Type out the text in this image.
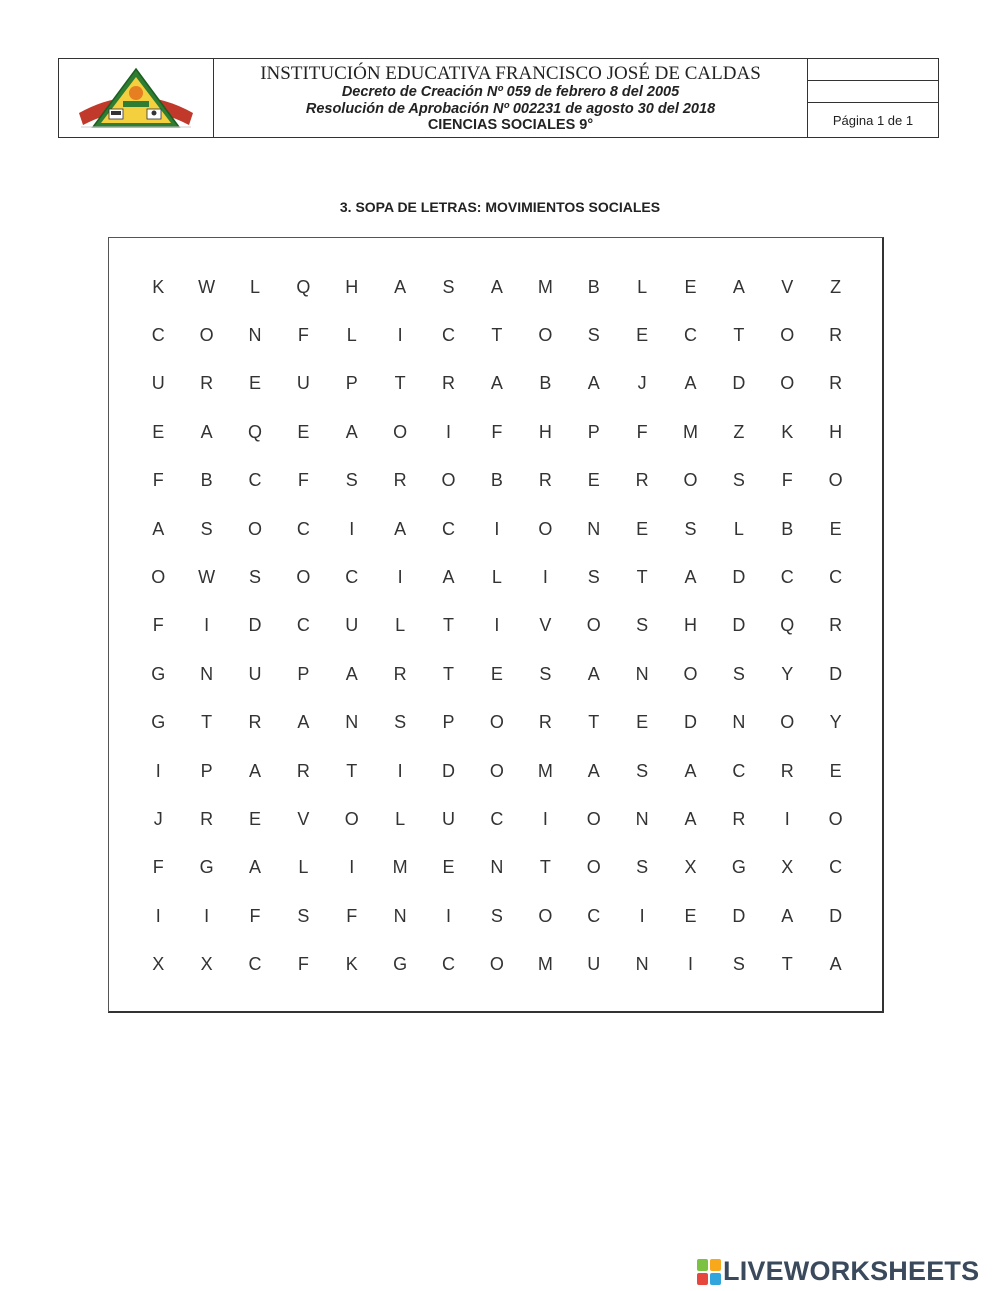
INSTITUCIÓN EDUCATIVA FRANCISCO JOSÉ DE CALDAS
Decreto de Creación Nº 059 de febrero 8 del 2005
Resolución de Aprobación Nº 002231 de agosto 30 del 2018
CIENCIAS SOCIALES 9°	Página 1 de 1
3. SOPA DE LETRAS: MOVIMIENTOS SOCIALES
K	W	L	Q	H	A	S	A	M	B	L	E	A	V	Z
C	O	N	F	L	I	C	T	O	S	E	C	T	O	R
U	R	E	U	P	T	R	A	B	A	J	A	D	O	R
E	A	Q	E	A	O	I	F	H	P	F	M	Z	K	H
F	B	C	F	S	R	O	B	R	E	R	O	S	F	O
A	S	O	C	I	A	C	I	O	N	E	S	L	B	E
O	W	S	O	C	I	A	L	I	S	T	A	D	C	C
F	I	D	C	U	L	T	I	V	O	S	H	D	Q	R
G	N	U	P	A	R	T	E	S	A	N	O	S	Y	D
G	T	R	A	N	S	P	O	R	T	E	D	N	O	Y
I	P	A	R	T	I	D	O	M	A	S	A	C	R	E
J	R	E	V	O	L	U	C	I	O	N	A	R	I	O
F	G	A	L	I	M	E	N	T	O	S	X	G	X	C
I	I	F	S	F	N	I	S	O	C	I	E	D	A	D
X	X	C	F	K	G	C	O	M	U	N	I	S	T	A
LIVEWORKSHEETS
